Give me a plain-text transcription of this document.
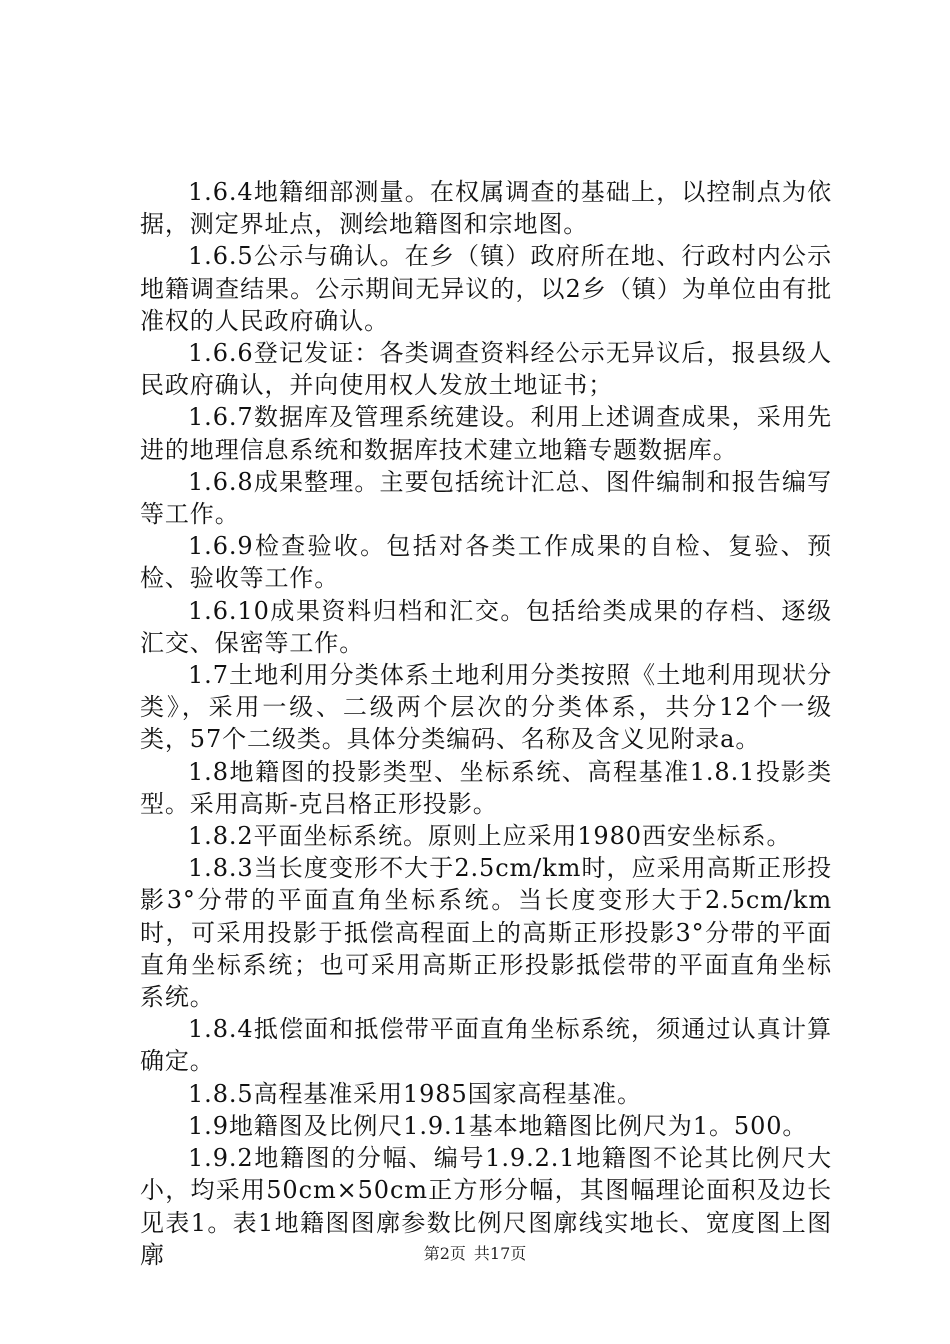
1.6.4地籍细部测量。在权属调查的基础上，以控制点为依据，测定界址点，测绘地籍图和宗地图。

1.6.5公示与确认。在乡（镇）政府所在地、行政村内公示地籍调查结果。公示期间无异议的，以2乡（镇）为单位由有批准权的人民政府确认。

1.6.6登记发证：各类调查资料经公示无异议后，报县级人民政府确认，并向使用权人发放土地证书；

1.6.7数据库及管理系统建设。利用上述调查成果，采用先进的地理信息系统和数据库技术建立地籍专题数据库。

1.6.8成果整理。主要包括统计汇总、图件编制和报告编写等工作。

1.6.9检查验收。包括对各类工作成果的自检、复验、预检、验收等工作。

1.6.10成果资料归档和汇交。包括给类成果的存档、逐级汇交、保密等工作。

1.7土地利用分类体系土地利用分类按照《土地利用现状分类》，采用一级、二级两个层次的分类体系，共分12个一级类，57个二级类。具体分类编码、名称及含义见附录a。

1.8地籍图的投影类型、坐标系统、高程基准1.8.1投影类型。采用高斯-克吕格正形投影。

1.8.2平面坐标系统。原则上应采用1980西安坐标系。

1.8.3当长度变形不大于2.5cm/km时，应采用高斯正形投影3°分带的平面直角坐标系统。当长度变形大于2.5cm/km时，可采用投影于抵偿高程面上的高斯正形投影3°分带的平面直角坐标系统；也可采用高斯正形投影抵偿带的平面直角坐标系统。

1.8.4抵偿面和抵偿带平面直角坐标系统，须通过认真计算确定。

1.8.5高程基准采用1985国家高程基准。

1.9地籍图及比例尺1.9.1基本地籍图比例尺为1。500。

1.9.2地籍图的分幅、编号1.9.2.1地籍图不论其比例尺大小，均采用50cm×50cm正方形分幅，其图幅理论面积及边长见表1。表1地籍图图廓参数比例尺图廓线实地长、宽度图上图廓	第2页 共17页
